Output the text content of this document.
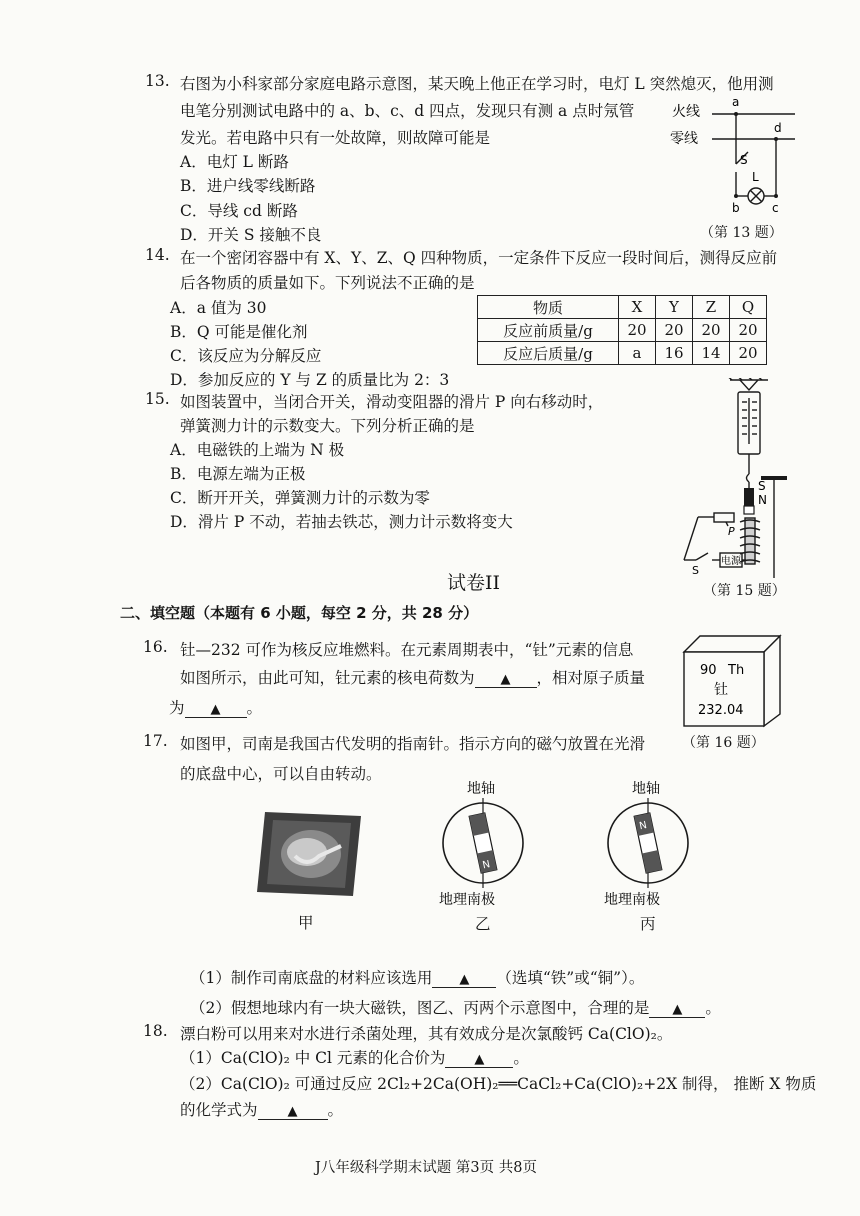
13. 右图为小科家部分家庭电路示意图，某天晚上他正在学习时，电灯 L 突然熄灭，他用测
电笔分别测试电路中的 a、b、c、d 四点，发现只有测 a 点时氖管
发光。若电路中只有一处故障，则故障可能是
A．电灯 L 断路
B．进户线零线断路
C．导线 cd 断路
D．开关 S 接触不良
火线
零线
a
d
S
L
b	c
（第 13 题）
14. 在一个密闭容器中有 X、Y、Z、Q 四种物质，一定条件下反应一段时间后，测得反应前
后各物质的质量如下。下列说法不正确的是
A．a 值为 30
B．Q 可能是催化剂
C．该反应为分解反应
D．参加反应的 Y 与 Z 的质量比为 2：3
物质	X	Y	Z	Q
反应前质量/g	20	20	20	20
反应后质量/g	a	16	14	20
15. 如图装置中，当闭合开关，滑动变阻器的滑片 P 向右移动时，
弹簧测力计的示数变大。下列分析正确的是
A．电磁铁的上端为 N 极
B．电源左端为正极
C．断开开关，弹簧测力计的示数为零
D．滑片 P 不动，若抽去铁芯，测力计示数将变大
S
N
P
S
电源
（第 15 题）
试卷II
二、填空题（本题有 6 小题，每空 2 分，共 28 分）
16. 钍—232 可作为核反应堆燃料。在元素周期表中，“钍”元素的信息
如图所示，由此可知，钍元素的核电荷数为 ▲ ，相对原子质量
为 ▲ 。
90 Th
钍
232.04
（第 16 题）
17. 如图甲，司南是我国古代发明的指南针。指示方向的磁勺放置在光滑
的底盘中心，可以自由转动。
甲
地轴
N
地理南极
乙
地轴
N
地理南极
丙
（1）制作司南底盘的材料应该选用 ▲ （选填“铁”或“铜”）。
（2）假想地球内有一块大磁铁，图乙、丙两个示意图中，合理的是 ▲ 。
18. 漂白粉可以用来对水进行杀菌处理，其有效成分是次氯酸钙 Ca(ClO)₂。
（1）Ca(ClO)₂ 中 Cl 元素的化合价为 ▲ 。
（2）Ca(ClO)₂ 可通过反应 2Cl₂+2Ca(OH)₂══CaCl₂+Ca(ClO)₂+2X 制得， 推断 X 物质
的化学式为 ▲ 。
J八年级科学期末试题 第3页 共8页
